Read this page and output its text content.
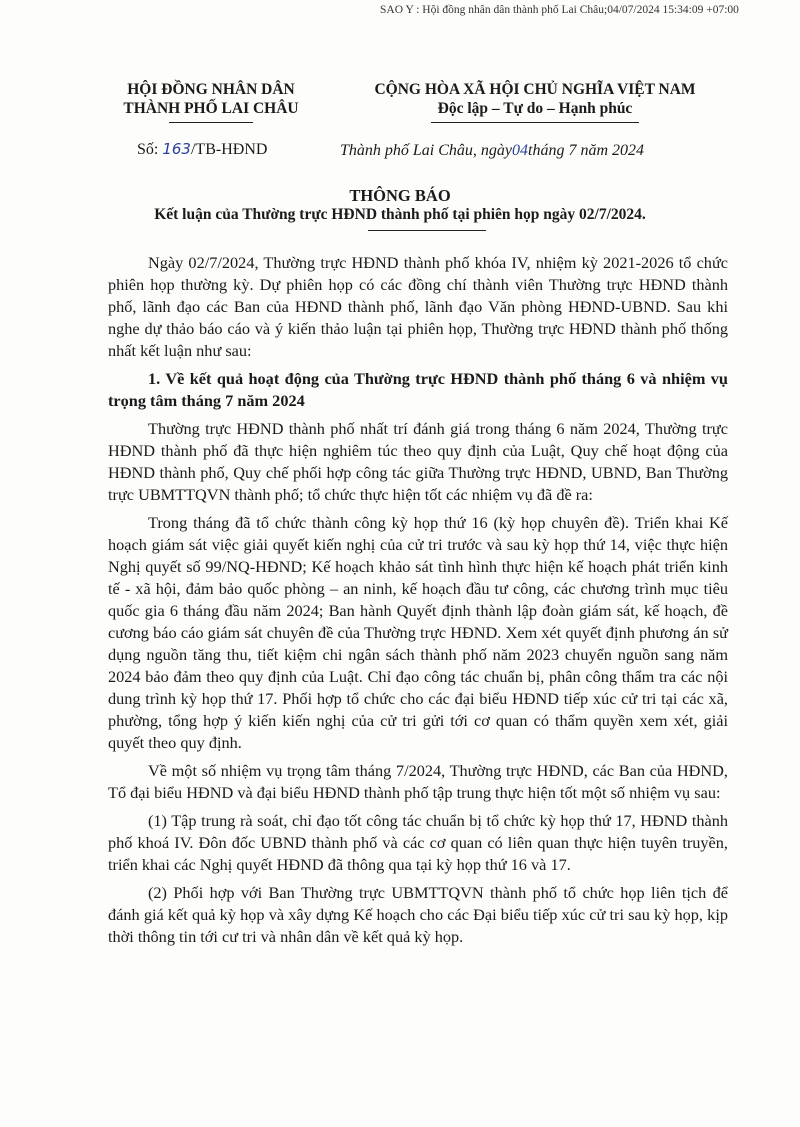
SAO Y : Hội đồng nhân dân thành phố Lai Châu;04/07/2024 15:34:09 +07:00
HỘI ĐỒNG NHÂN DÂN
THÀNH PHỐ LAI CHÂU
CỘNG HÒA XÃ HỘI CHỦ NGHĨA VIỆT NAM
Độc lập – Tự do – Hạnh phúc
Số: 163/TB-HĐND	Thành phố Lai Châu, ngày04tháng 7 năm 2024
THÔNG BÁO
Kết luận của Thường trực HĐND thành phố tại phiên họp ngày 02/7/2024.

Ngày 02/7/2024, Thường trực HĐND thành phố khóa IV, nhiệm kỳ 2021-2026 tổ chức phiên họp thường kỳ. Dự phiên họp có các đồng chí thành viên Thường trực HĐND thành phố, lãnh đạo các Ban của HĐND thành phố, lãnh đạo Văn phòng HĐND-UBND. Sau khi nghe dự thảo báo cáo và ý kiến thảo luận tại phiên họp, Thường trực HĐND thành phố thống nhất kết luận như sau:

1. Về kết quả hoạt động của Thường trực HĐND thành phố tháng 6 và nhiệm vụ trọng tâm tháng 7 năm 2024

Thường trực HĐND thành phố nhất trí đánh giá trong tháng 6 năm 2024, Thường trực HĐND thành phố đã thực hiện nghiêm túc theo quy định của Luật, Quy chế hoạt động của HĐND thành phố, Quy chế phối hợp công tác giữa Thường trực HĐND, UBND, Ban Thường trực UBMTTQVN thành phố; tổ chức thực hiện tốt các nhiệm vụ đã đề ra:

Trong tháng đã tổ chức thành công kỳ họp thứ 16 (kỳ họp chuyên đề). Triển khai Kế hoạch giám sát việc giải quyết kiến nghị của cử tri trước và sau kỳ họp thứ 14, việc thực hiện Nghị quyết số 99/NQ-HĐND; Kế hoạch khảo sát tình hình thực hiện kế hoạch phát triển kinh tế - xã hội, đảm bảo quốc phòng – an ninh, kế hoạch đầu tư công, các chương trình mục tiêu quốc gia 6 tháng đầu năm 2024; Ban hành Quyết định thành lập đoàn giám sát, kế hoạch, đề cương báo cáo giám sát chuyên đề của Thường trực HĐND. Xem xét quyết định phương án sử dụng nguồn tăng thu, tiết kiệm chi ngân sách thành phố năm 2023 chuyển nguồn sang năm 2024 bảo đảm theo quy định của Luật. Chỉ đạo công tác chuẩn bị, phân công thẩm tra các nội dung trình kỳ họp thứ 17. Phối hợp tổ chức cho các đại biểu HĐND tiếp xúc cử tri tại các xã, phường, tổng hợp ý kiến kiến nghị của cử tri gửi tới cơ quan có thẩm quyền xem xét, giải quyết theo quy định.

Về một số nhiệm vụ trọng tâm tháng 7/2024, Thường trực HĐND, các Ban của HĐND, Tổ đại biểu HĐND và đại biểu HĐND thành phố tập trung thực hiện tốt một số nhiệm vụ sau:

(1) Tập trung rà soát, chỉ đạo tốt công tác chuẩn bị tổ chức kỳ họp thứ 17, HĐND thành phố khoá IV. Đôn đốc UBND thành phố và các cơ quan có liên quan thực hiện tuyên truyền, triển khai các Nghị quyết HĐND đã thông qua tại kỳ họp thứ 16 và 17.

(2) Phối hợp với Ban Thường trực UBMTTQVN thành phố tổ chức họp liên tịch để đánh giá kết quả kỳ họp và xây dựng Kế hoạch cho các Đại biểu tiếp xúc cử tri sau kỳ họp, kịp thời thông tin tới cư tri và nhân dân về kết quả kỳ họp.
